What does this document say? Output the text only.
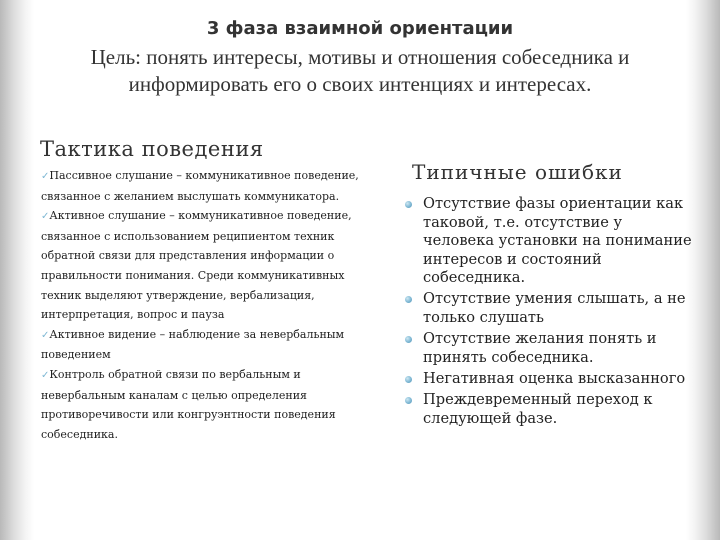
3 фаза взаимной ориентации
Цель: понять интересы, мотивы и отношения собеседника и информировать его о своих интенциях и интересах.
Тактика поведения

✓Пассивное слушание – коммуникативное поведение, связанное с желанием выслушать коммуникатора.

✓Активное слушание – коммуникативное поведение, связанное с использованием реципиентом техник обратной связи для представления информации о правильности понимания. Среди коммуникативных техник выделяют утверждение, вербализация, интерпретация, вопрос и пауза

✓Активное видение – наблюдение за невербальным поведением

✓Контроль обратной связи по вербальным и невербальным каналам с целью определения противоречивости или конгруэнтности поведения собеседника.

Типичные ошибки
Отсутствие фазы ориентации как таковой, т.е. отсутствие у человека установки на понимание интересов и состояний собеседника.
Отсутствие умения слышать, а не только слушать
Отсутствие желания понять и принять собеседника.
Негативная оценка высказанного
Преждевременный переход к следующей фазе.
